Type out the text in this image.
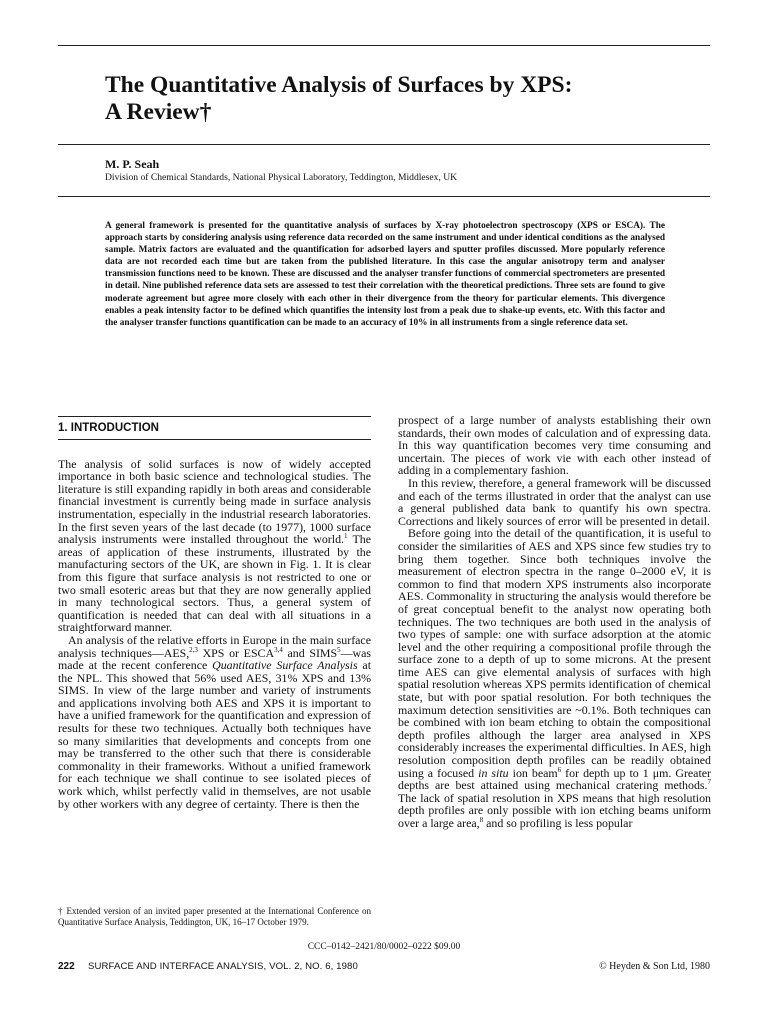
The Quantitative Analysis of Surfaces by XPS:
A Review†
M. P. Seah
Division of Chemical Standards, National Physical Laboratory, Teddington, Middlesex, UK

A general framework is presented for the quantitative analysis of surfaces by X-ray photoelectron spectroscopy (XPS or ESCA). The approach starts by considering analysis using reference data recorded on the same instrument and under identical conditions as the analysed sample. Matrix factors are evaluated and the quantification for adsorbed layers and sputter profiles discussed. More popularly reference data are not recorded each time but are taken from the published literature. In this case the angular anisotropy term and analyser transmission functions need to be known. These are discussed and the analyser transfer functions of commercial spectrometers are presented in detail. Nine published reference data sets are assessed to test their correlation with the theoretical predictions. Three sets are found to give moderate agreement but agree more closely with each other in their divergence from the theory for particular elements. This divergence enables a peak intensity factor to be defined which quantifies the intensity lost from a peak due to shake-up events, etc. With this factor and the analyser transfer functions quantification can be made to an accuracy of 10% in all instruments from a single reference data set.

1. INTRODUCTION

The analysis of solid surfaces is now of widely accepted importance in both basic science and technological studies. The literature is still expanding rapidly in both areas and considerable financial investment is currently being made in surface analysis instrumentation, especially in the industrial research laboratories. In the first seven years of the last decade (to 1977), 1000 surface analysis instruments were installed throughout the world.$^1$ The areas of application of these instruments, illustrated by the manufacturing sectors of the UK, are shown in Fig. 1. It is clear from this figure that surface analysis is not restricted to one or two small esoteric areas but that they are now generally applied in many technological sectors. Thus, a general system of quantification is needed that can deal with all situations in a straightforward manner.

An analysis of the relative efforts in Europe in the main surface analysis techniques—AES,$^{2,3}$ XPS or ESCA$^{3,4}$ and SIMS$^5$—was made at the recent conference Quantitative Surface Analysis at the NPL. This showed that 56% used AES, 31% XPS and 13% SIMS. In view of the large number and variety of instruments and applications involving both AES and XPS it is important to have a unified framework for the quantification and expression of results for these two techniques. Actually both techniques have so many similarities that developments and concepts from one may be transferred to the other such that there is considerable commonality in their frameworks. Without a unified framework for each technique we shall continue to see isolated pieces of work which, whilst perfectly valid in themselves, are not usable by other workers with any degree of certainty. There is then the

prospect of a large number of analysts establishing their own standards, their own modes of calculation and of expressing data. In this way quantification becomes very time consuming and uncertain. The pieces of work vie with each other instead of adding in a complementary fashion.

In this review, therefore, a general framework will be discussed and each of the terms illustrated in order that the analyst can use a general published data bank to quantify his own spectra. Corrections and likely sources of error will be presented in detail.

Before going into the detail of the quantification, it is useful to consider the similarities of AES and XPS since few studies try to bring them together. Since both techniques involve the measurement of electron spectra in the range 0–2000 eV, it is common to find that modern XPS instruments also incorporate AES. Commonality in structuring the analysis would therefore be of great conceptual benefit to the analyst now operating both techniques. The two techniques are both used in the analysis of two types of sample: one with surface adsorption at the atomic level and the other requiring a compositional profile through the surface zone to a depth of up to some microns. At the present time AES can give elemental analysis of surfaces with high spatial resolution whereas XPS permits identification of chemical state, but with poor spatial resolution. For both techniques the maximum detection sensitivities are ~0.1%. Both techniques can be combined with ion beam etching to obtain the compositional depth profiles although the larger area analysed in XPS considerably increases the experimental difficulties. In AES, high resolution composition depth profiles can be readily obtained using a focused in situ ion beam$^6$ for depth up to 1 μm. Greater depths are best attained using mechanical cratering methods.$^7$ The lack of spatial resolution in XPS means that high resolution depth profiles are only possible with ion etching beams uniform over a large area,$^8$ and so profiling is less popular

† Extended version of an invited paper presented at the International Conference on Quantitative Surface Analysis, Teddington, UK, 16–17 October 1979.
CCC–0142–2421/80/0002–0222 $09.00
222 SURFACE AND INTERFACE ANALYSIS, VOL. 2, NO. 6, 1980	© Heyden & Son Ltd, 1980
